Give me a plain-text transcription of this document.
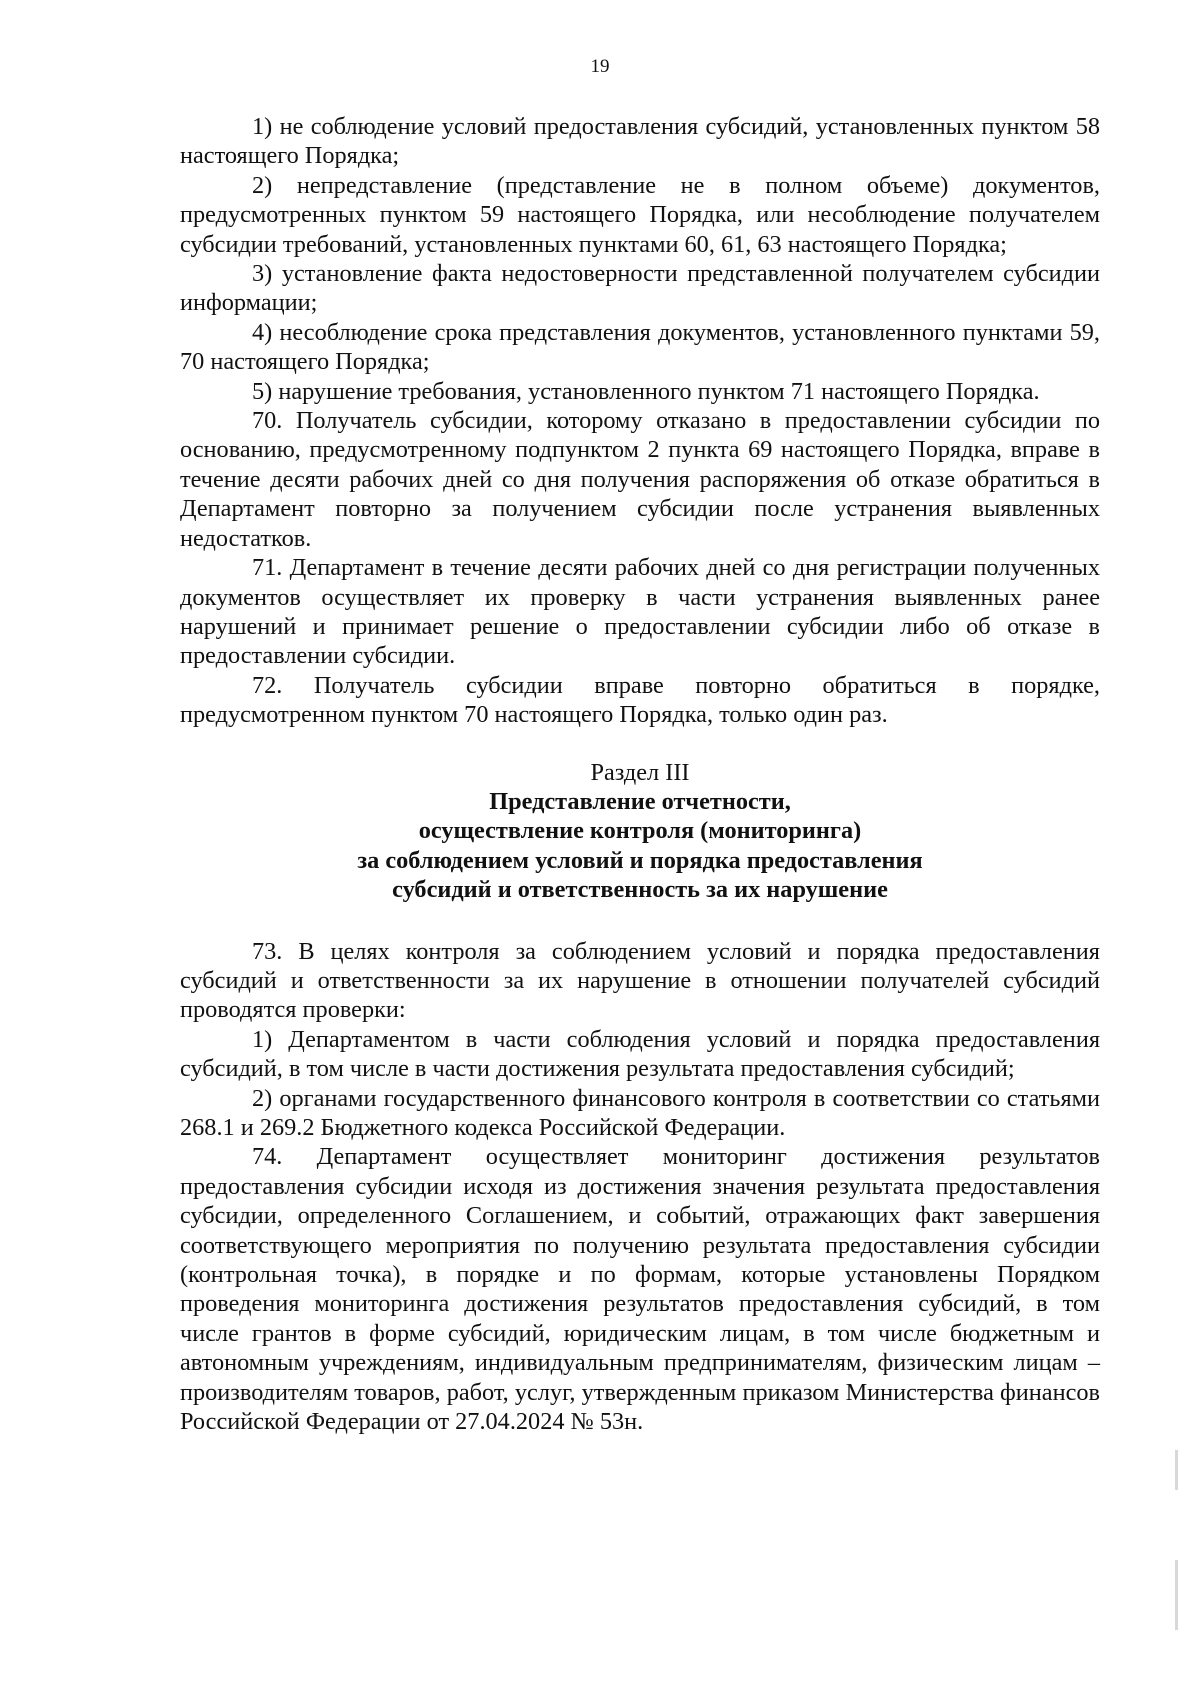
19

1) не соблюдение условий предоставления субсидий, установленных пунктом 58 настоящего Порядка;

2) непредставление (представление не в полном объеме) документов, предусмотренных пунктом 59 настоящего Порядка, или несоблюдение получателем субсидии требований, установленных пунктами 60, 61, 63 настоящего Порядка;

3) установление факта недостоверности представленной получателем субсидии информации;

4) несоблюдение срока представления документов, установленного пунктами 59, 70 настоящего Порядка;

5) нарушение требования, установленного пунктом 71 настоящего Порядка.

70. Получатель субсидии, которому отказано в предоставлении субсидии по основанию, предусмотренному подпунктом 2 пункта 69 настоящего Порядка, вправе в течение десяти рабочих дней со дня получения распоряжения об отказе обратиться в Департамент повторно за получением субсидии после устранения выявленных недостатков.

71. Департамент в течение десяти рабочих дней со дня регистрации полученных документов осуществляет их проверку в части устранения выявленных ранее нарушений и принимает решение о предоставлении субсидии либо об отказе в предоставлении субсидии.

72. Получатель субсидии вправе повторно обратиться в порядке, предусмотренном пунктом 70 настоящего Порядка, только один раз.

Раздел III

Представление отчетности,

осуществление контроля (мониторинга)

за соблюдением условий и порядка предоставления

субсидий и ответственность за их нарушение

73. В целях контроля за соблюдением условий и порядка предоставления субсидий и ответственности за их нарушение в отношении получателей субсидий проводятся проверки:

1) Департаментом в части соблюдения условий и порядка предоставления субсидий, в том числе в части достижения результата предоставления субсидий;

2) органами государственного финансового контроля в соответствии со статьями 268.1 и 269.2 Бюджетного кодекса Российской Федерации.

74. Департамент осуществляет мониторинг достижения результатов предоставления субсидии исходя из достижения значения результата предоставления субсидии, определенного Соглашением, и событий, отражающих факт завершения соответствующего мероприятия по получению результата предоставления субсидии (контрольная точка), в порядке и по формам, которые установлены Порядком проведения мониторинга достижения результатов предоставления субсидий, в том числе грантов в форме субсидий, юридическим лицам, в том числе бюджетным и автономным учреждениям, индивидуальным предпринимателям, физическим лицам – производителям товаров, работ, услуг, утвержденным приказом Министерства финансов Российской Федерации от 27.04.2024 № 53н.
